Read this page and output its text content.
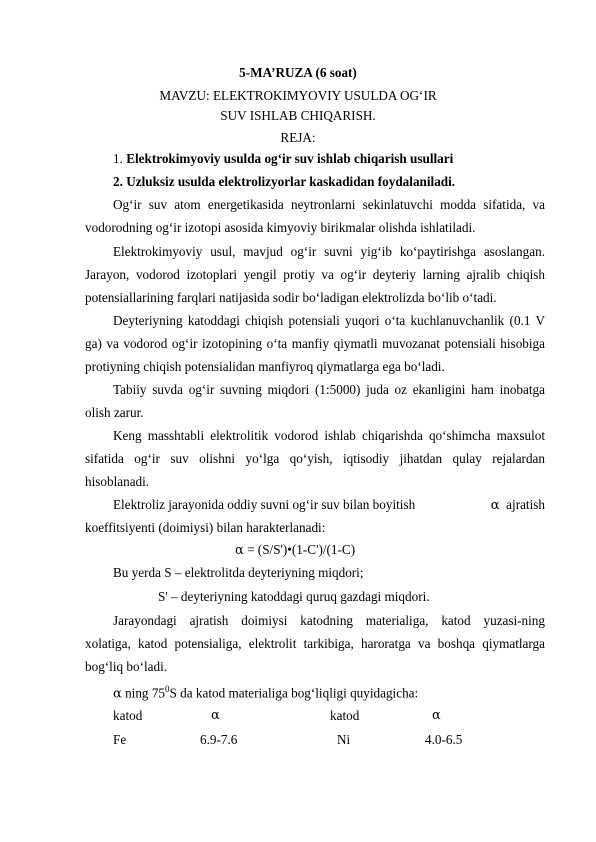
5-MA’RUZA (6 soat)
MAVZU: ELEKTROKIMYOVIY USULDA OG‘IR
SUV ISHLAB CHIQARISH.
REJA:
1. Elektrokimyoviy usulda og‘ir suv ishlab chiqarish usullari
2. Uzluksiz usulda elektrolizyorlar kaskadidan foydalaniladi.
Og‘ir suv atom energetikasida neytronlarni sekinlatuvchi modda sifatida, va
vodorodning og‘ir izotopi asosida kimyoviy birikmalar olishda ishlatiladi.
Elektrokimyoviy usul, mavjud og‘ir suvni yig‘ib ko‘paytirishga asoslangan.
Jarayon, vodorod izotoplari yengil protiy va og‘ir deyteriy larning ajralib chiqish
potensiallarining farqlari natijasida sodir bo‘ladigan elektrolizda bo‘lib o‘tadi.
Deyteriyning katoddagi chiqish potensiali yuqori o‘ta kuchlanuvchanlik (0.1 V
ga) va vodorod og‘ir izotopining o‘ta manfiy qiymatli muvozanat potensiali hisobiga
protiyning chiqish potensialidan manfiyroq qiymatlarga ega bo‘ladi.
Tabiiy suvda og‘ir suvning miqdori (1:5000) juda oz ekanligini ham inobatga
olish zarur.
Keng masshtabli elektrolitik vodorod ishlab chiqarishda qo‘shimcha maxsulot
sifatida og‘ir suv olishni yo‘lga qo‘yish, iqtisodiy jihatdan qulay rejalardan
hisoblanadi.
Elektroliz jarayonida oddiy suvni og‘ir suv bilan boyitish	α ajratish
koeffitsiyenti (doimiysi) bilan harakterlanadi:
α = (S/S')•(1-C')/(1-C)
Bu yerda S – elektrolitda deyteriyning miqdori;
S' – deyteriyning katoddagi quruq gazdagi miqdori.
Jarayondagi ajratish doimiysi katodning materialiga, katod yuzasi-ning
xolatiga, katod potensialiga, elektrolit tarkibiga, haroratga va boshqa qiymatlarga
bog‘liq bo‘ladi.
α ning $75^0S$ da katod materialiga bog‘liqligi quyidagicha:
katod	α	katod	α
Fe	6.9-7.6	Ni	4.0-6.5
